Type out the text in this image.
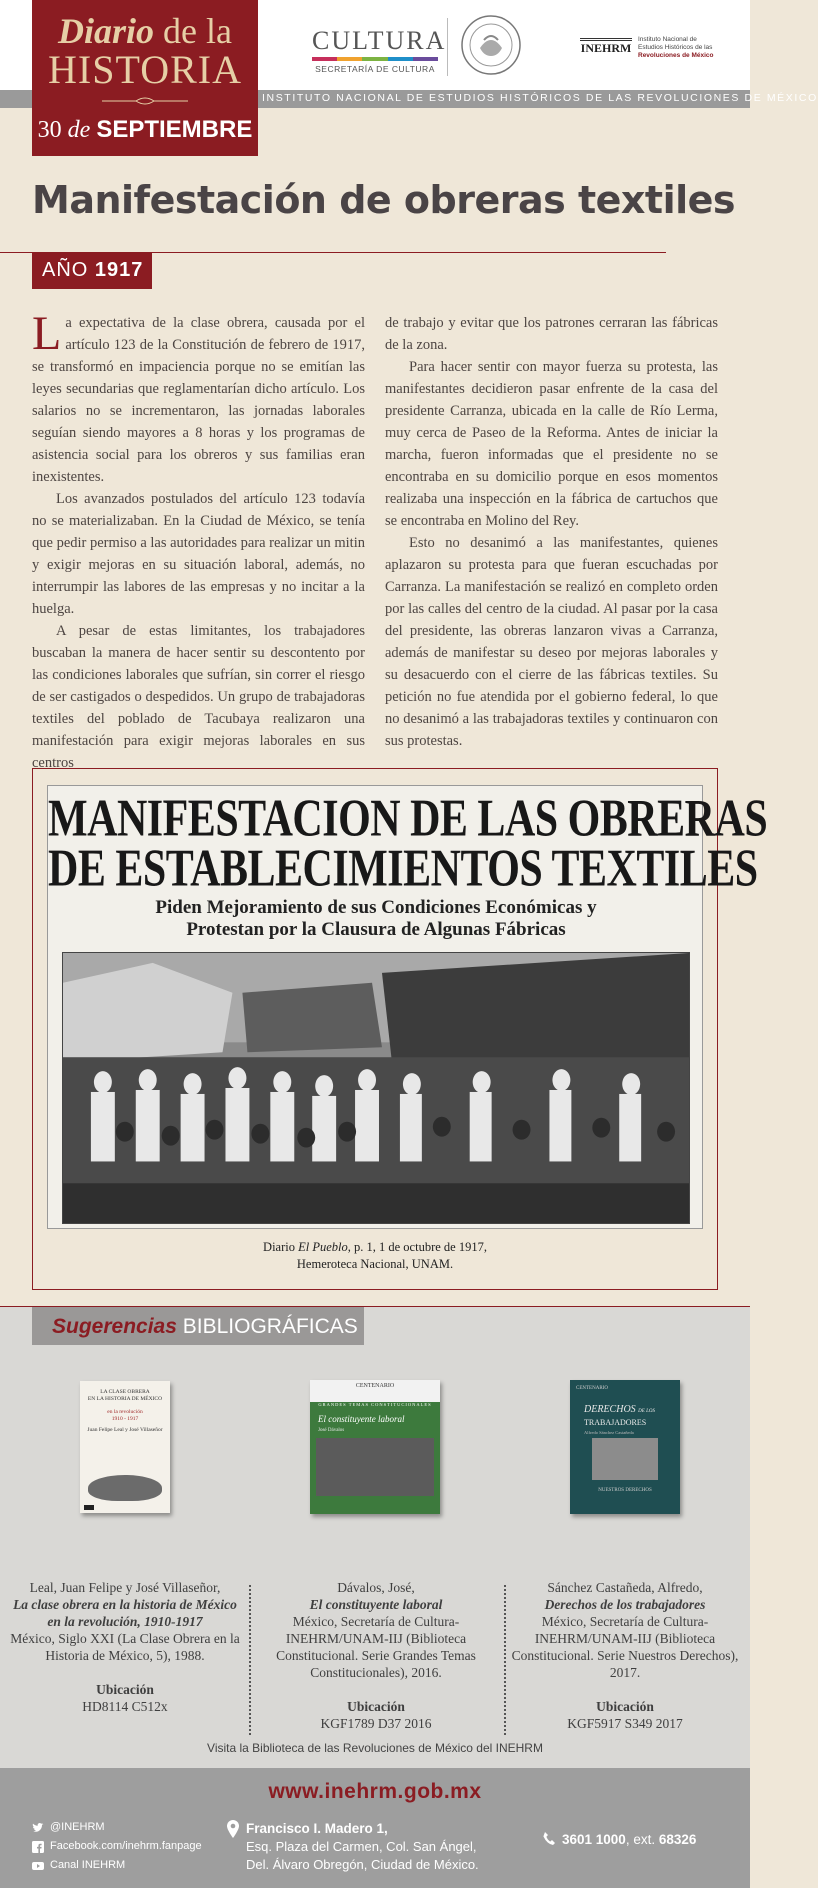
INSTITUTO NACIONAL DE ESTUDIOS HISTÓRICOS DE LAS REVOLUCIONES DE MÉXICO
Diario de la
HISTORIA
30 de SEPTIEMBRE
CULTURA
SECRETARÍA DE CULTURA
INEHRM
Instituto Nacional de
Estudios Históricos de las
Revoluciones de México
Manifestación de obreras textiles
AÑO 1917

La expectativa de la clase obrera, causada por el artículo 123 de la Constitución de febrero de 1917, se transformó en impaciencia porque no se emitían las leyes secundarias que reglamentarían dicho artículo. Los salarios no se incrementaron, las jornadas laborales seguían siendo mayores a 8 horas y los programas de asistencia social para los obreros y sus familias eran inexistentes.

Los avanzados postulados del artículo 123 todavía no se materializaban. En la Ciudad de México, se tenía que pedir permiso a las autoridades para realizar un mitin y exigir mejoras en su situación laboral, además, no interrumpir las labores de las empresas y no incitar a la huelga.

A pesar de estas limitantes, los trabajadores buscaban la manera de hacer sentir su descontento por las condiciones laborales que sufrían, sin correr el riesgo de ser castigados o despedidos. Un grupo de trabajadoras textiles del poblado de Tacubaya realizaron una manifestación para exigir mejoras laborales en sus centros

de trabajo y evitar que los patrones cerraran las fábricas de la zona.

Para hacer sentir con mayor fuerza su protesta, las manifestantes decidieron pasar enfrente de la casa del presidente Carranza, ubicada en la calle de Río Lerma, muy cerca de Paseo de la Reforma. Antes de iniciar la marcha, fueron informadas que el presidente no se encontraba en su domicilio porque en esos momentos realizaba una inspección en la fábrica de cartuchos que se encontraba en Molino del Rey.

Esto no desanimó a las manifestantes, quienes aplazaron su protesta para que fueran escuchadas por Carranza. La manifestación se realizó en completo orden por las calles del centro de la ciudad. Al pasar por la casa del presidente, las obreras lanzaron vivas a Carranza, además de manifestar su deseo por mejoras laborales y su desacuerdo con el cierre de las fábricas textiles. Su petición no fue atendida por el gobierno federal, lo que no desanimó a las trabajadoras textiles y continuaron con sus protestas.

MANIFESTACION DE LAS OBRERAS
DE ESTABLECIMIENTOS TEXTILES
Piden Mejoramiento de sus Condiciones Económicas y
Protestan por la Clausura de Algunas Fábricas
Diario El Pueblo, p. 1, 1 de octubre de 1917,
Hemeroteca Nacional, UNAM.
Sugerencias BIBLIOGRÁFICAS
LA CLASE OBRERA
EN LA HISTORIA DE MÉXICO
en la revolución
1910 - 1917
Juan Felipe Leal y José Villaseñor
CENTENARIO
GRANDES TEMAS CONSTITUCIONALES
El constituyente laboral
José Dávalos
CENTENARIO
DERECHOS DE LOS
TRABAJADORES
Alfredo Sánchez Castañeda
NUESTROS DERECHOS
Leal, Juan Felipe y José Villaseñor,
La clase obrera en la historia de México en la revolución, 1910-1917
México, Siglo XXI (La Clase Obrera en la Historia de México, 5), 1988.
Ubicación
HD8114 C512x
Dávalos, José,
El constituyente laboral
México, Secretaría de Cultura-INEHRM/UNAM-IIJ (Biblioteca Constitucional. Serie Grandes Temas Constitucionales), 2016.
Ubicación
KGF1789 D37 2016
Sánchez Castañeda, Alfredo,
Derechos de los trabajadores
México, Secretaría de Cultura-INEHRM/UNAM-IIJ (Biblioteca Constitucional. Serie Nuestros Derechos), 2017.
Ubicación
KGF5917 S349 2017
Visita la Biblioteca de las Revoluciones de México del INEHRM
www.inehrm.gob.mx
@INEHRM
Facebook.com/inehrm.fanpage
Canal INEHRM
Francisco I. Madero 1,
Esq. Plaza del Carmen, Col. San Ángel,
Del. Álvaro Obregón, Ciudad de México.
3601 1000, ext. 68326
